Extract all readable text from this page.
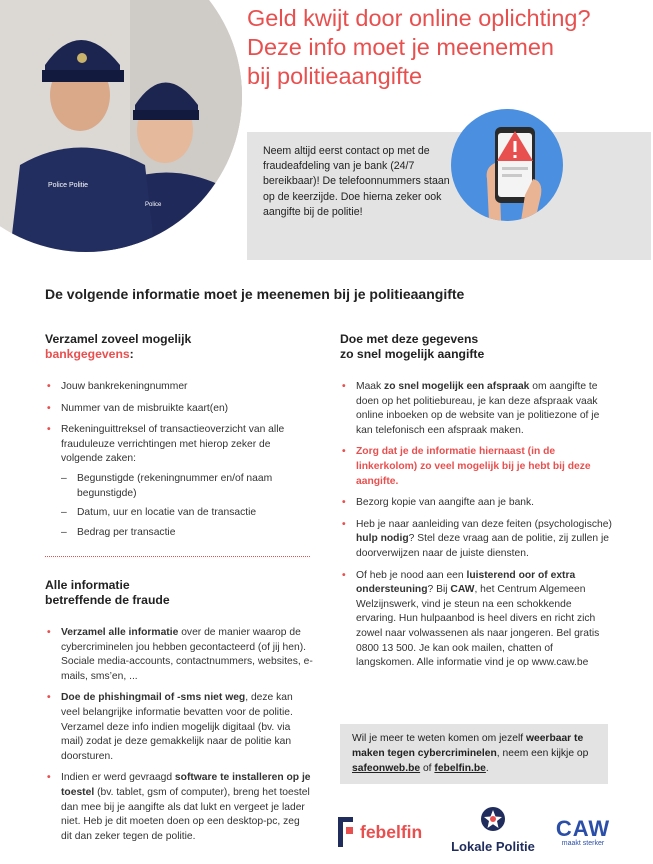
Police Politie
Police
Geld kwijt door online oplichting?
Deze info moet je meenemen
bij politieaangifte
Neem altijd eerst contact op met de fraudeafdeling van je bank (24/7 bereikbaar)! De telefoonnummers staan op de keerzijde. Doe hierna zeker ook aangifte bij de politie!
De volgende informatie moet je meenemen bij je politieaangifte
Verzamel zoveel mogelijk
bankgegevens:
• Jouw bankrekeningnummer
• Nummer van de misbruikte kaart(en)
• Rekeninguittreksel of transactieoverzicht van alle frauduleuze verrichtingen met hierop zeker de volgende zaken:
– Begunstigde (rekeningnummer en/of naam begunstigde)
– Datum, uur en locatie van de transactie
– Bedrag per transactie
Alle informatie
betreffende de fraude
• Verzamel alle informatie over de manier waarop de cybercriminelen jou hebben gecontacteerd (of jij hen). Sociale media-accounts, contactnummers, websites, e-mails, sms’en, ...
• Doe de phishingmail of -sms niet weg, deze kan veel belangrijke informatie bevatten voor de politie. Verzamel deze info indien mogelijk digitaal (bv. via mail) zodat je deze gemakkelijk naar de politie kan doorsturen.
• Indien er werd gevraagd software te installeren op je toestel (bv. tablet, gsm of computer), breng het toestel dan mee bij je aangifte als dat lukt en vergeet je lader niet. Heb je dit moeten doen op een desktop-pc, zeg dit dan zeker tegen de politie.
Doe met deze gegevens
zo snel mogelijk aangifte
• Maak zo snel mogelijk een afspraak om aangifte te doen op het politiebureau, je kan deze afspraak vaak online inboeken op de website van je politiezone of je kan telefonisch een afspraak maken.
• Zorg dat je de informatie hiernaast (in de linkerkolom) zo veel mogelijk bij je hebt bij deze aangifte.
• Bezorg kopie van aangifte aan je bank.
• Heb je naar aanleiding van deze feiten (psychologische) hulp nodig? Stel deze vraag aan de politie, zij zullen je doorverwijzen naar de juiste diensten.
• Of heb je nood aan een luisterend oor of extra ondersteuning? Bij CAW, het Centrum Algemeen Welzijnswerk, vind je steun na een schokkende ervaring. Hun hulpaanbod is heel divers en richt zich zowel naar volwassenen als naar jongeren. Bel gratis 0800 13 500. Je kan ook mailen, chatten of langskomen. Alle informatie vind je op www.caw.be
Wil je meer te weten komen om jezelf weerbaar te maken tegen cybercriminelen, neem een kijkje op safeonweb.be of febelfin.be.
febelfin
Lokale Politie
CAW
maakt sterker
